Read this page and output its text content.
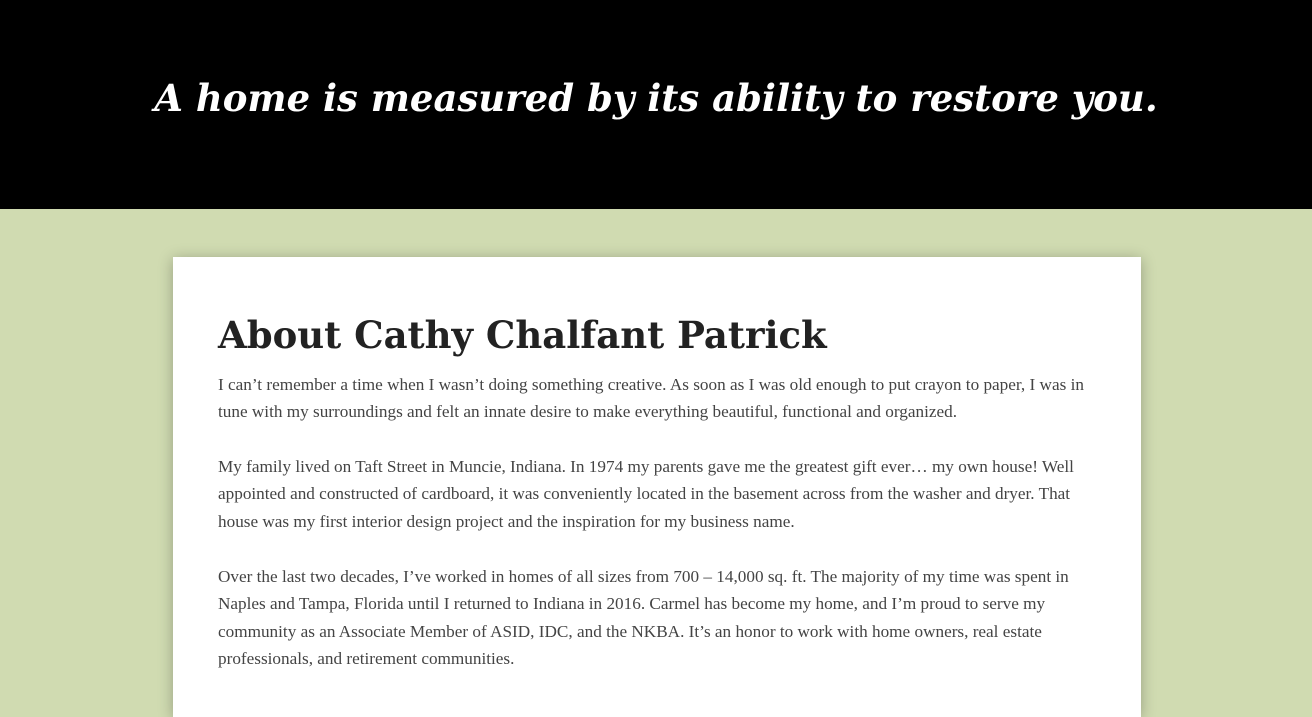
A home is measured by its ability to restore you.
About Cathy Chalfant Patrick

I can’t remember a time when I wasn’t doing something creative. As soon as I was old enough to put crayon to paper, I was in tune with my surroundings and felt an innate desire to make everything beautiful, functional and organized.

My family lived on Taft Street in Muncie, Indiana. In 1974 my parents gave me the greatest gift ever… my own house! Well appointed and constructed of cardboard, it was conveniently located in the basement across from the washer and dryer. That house was my first interior design project and the inspiration for my business name.

Over the last two decades, I’ve worked in homes of all sizes from 700 – 14,000 sq. ft. The majority of my time was spent in Naples and Tampa, Florida until I returned to Indiana in 2016. Carmel has become my home, and I’m proud to serve my community as an Associate Member of ASID, IDC, and the NKBA. It’s an honor to work with home owners, real estate professionals, and retirement communities.
